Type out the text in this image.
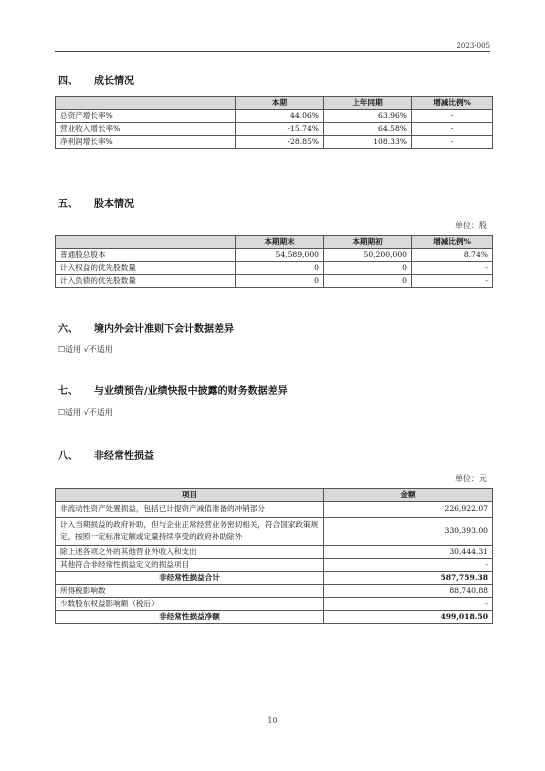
2023-005
四、 成长情况
	本期	上年同期	增减比例%
总资产增长率%	44.06%	63.96%	-
营业收入增长率%	-15.74%	64.58%	-
净利润增长率%	-28.85%	108.33%	-
五、 股本情况
单位：股
	本期期末	本期期初	增减比例%
普通股总股本	54,589,000	50,200,000	8.74%
计入权益的优先股数量	0	0	-
计入负债的优先股数量	0	0	-
六、 境内外会计准则下会计数据差异
☐适用 √不适用
七、 与业绩预告/业绩快报中披露的财务数据差异
☐适用 √不适用
八、 非经常性损益
单位：元
项目	金额
非流动性资产处置损益，包括已计提资产减值准备的冲销部分	226,922.07
计入当期损益的政府补助，但与企业正常经营业务密切相关，符合国家政策规定，按照一定标准定额或定量持续享受的政府补助除外	330,393.00
除上述各项之外的其他营业外收入和支出	30,444.31
其他符合非经常性损益定义的损益项目	-
非经常性损益合计	587,759.38
所得税影响数	88,740.88
少数股东权益影响额（税后）	-
非经常性损益净额	499,018.50
10
